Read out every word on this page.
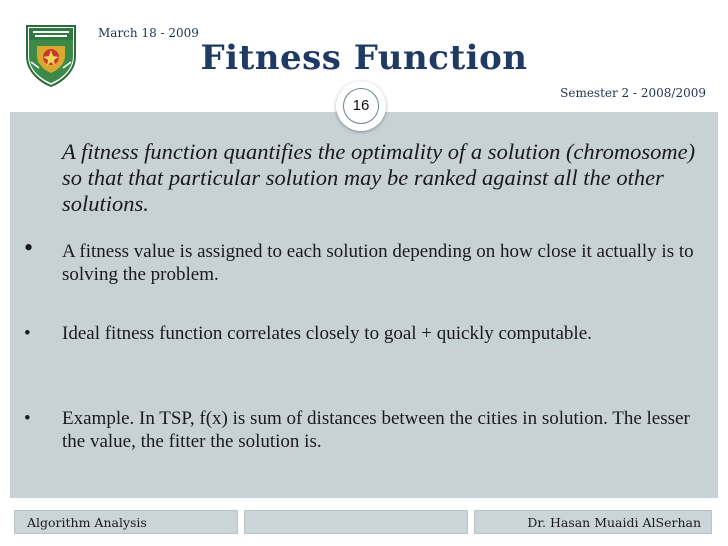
March 18 - 2009
Fitness Function
Semester 2 - 2008/2009
16
A fitness function quantifies the optimality of a solution (chromosome) so that that particular solution may be ranked against all the other solutions.
•	A fitness value is assigned to each solution depending on how close it actually is to solving the problem.
•	Ideal fitness function correlates closely to goal + quickly computable.
•	Example. In TSP, f(x) is sum of distances between the cities in solution. The lesser the value, the fitter the solution is.
Algorithm Analysis	Dr. Hasan Muaidi AlSerhan
